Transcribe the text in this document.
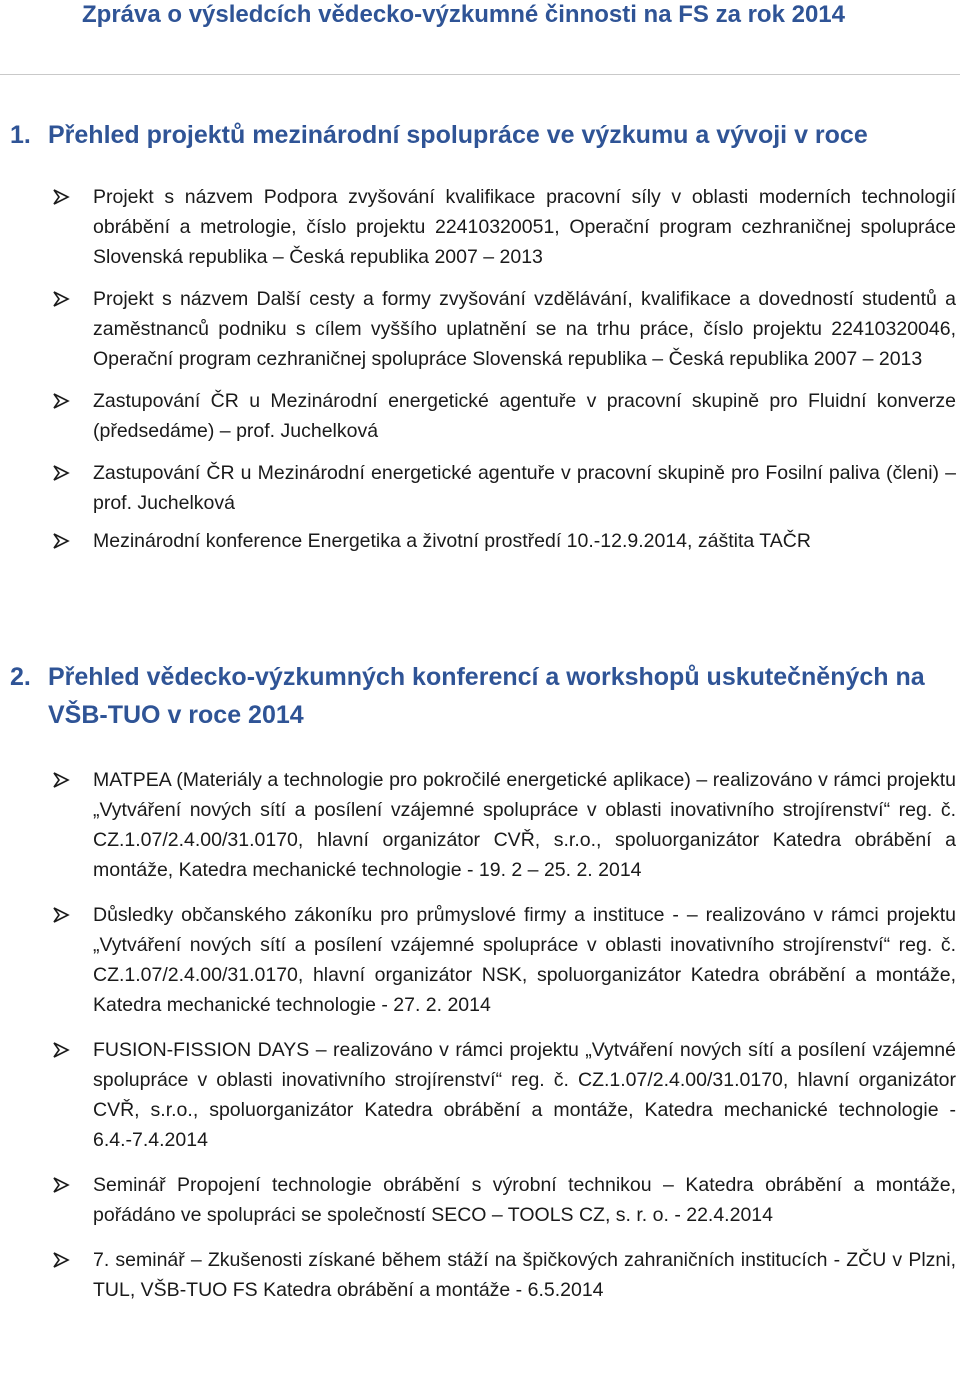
Zpráva o výsledcích vědecko-výzkumné činnosti na FS za rok 2014
1. Přehled projektů mezinárodní spolupráce ve výzkumu a vývoji v roce
Projekt s názvem Podpora zvyšování kvalifikace pracovní síly v oblasti moderních technologií obrábění a metrologie, číslo projektu 22410320051, Operační program cezhraničnej spolupráce Slovenská republika – Česká republika 2007 – 2013
Projekt s názvem Další cesty a formy zvyšování vzdělávání, kvalifikace a dovedností studentů a zaměstnanců podniku s cílem vyššího uplatnění se na trhu práce, číslo projektu 22410320046, Operační program cezhraničnej spolupráce Slovenská republika – Česká republika 2007 – 2013
Zastupování ČR u Mezinárodní energetické agentuře v pracovní skupině pro Fluidní konverze (předsedáme) – prof. Juchelková
Zastupování ČR u Mezinárodní energetické agentuře v pracovní skupině pro Fosilní paliva (členi) – prof. Juchelková
Mezinárodní konference Energetika a životní prostředí 10.-12.9.2014, záštita TAČR
2. Přehled vědecko-výzkumných konferencí a workshopů uskutečněných na VŠB-TUO v roce 2014
MATPEA (Materiály a technologie pro pokročilé energetické aplikace) – realizováno v rámci projektu „Vytváření nových sítí a posílení vzájemné spolupráce v oblasti inovativního strojírenství“ reg. č. CZ.1.07/2.4.00/31.0170, hlavní organizátor CVŘ, s.r.o., spoluorganizátor Katedra obrábění a montáže, Katedra mechanické technologie - 19. 2 – 25. 2. 2014
Důsledky občanského zákoníku pro průmyslové firmy a instituce - – realizováno v rámci projektu „Vytváření nových sítí a posílení vzájemné spolupráce v oblasti inovativního strojírenství“ reg. č. CZ.1.07/2.4.00/31.0170, hlavní organizátor NSK, spoluorganizátor Katedra obrábění a montáže, Katedra mechanické technologie - 27. 2. 2014
FUSION-FISSION DAYS – realizováno v rámci projektu „Vytváření nových sítí a posílení vzájemné spolupráce v oblasti inovativního strojírenství“ reg. č. CZ.1.07/2.4.00/31.0170, hlavní organizátor CVŘ, s.r.o., spoluorganizátor Katedra obrábění a montáže, Katedra mechanické technologie - 6.4.-7.4.2014
Seminář Propojení technologie obrábění s výrobní technikou – Katedra obrábění a montáže, pořádáno ve spolupráci se společností SECO – TOOLS CZ, s. r. o. - 22.4.2014
7. seminář – Zkušenosti získané během stáží na špičkových zahraničních institucích - ZČU v Plzni, TUL, VŠB-TUO FS Katedra obrábění a montáže - 6.5.2014
